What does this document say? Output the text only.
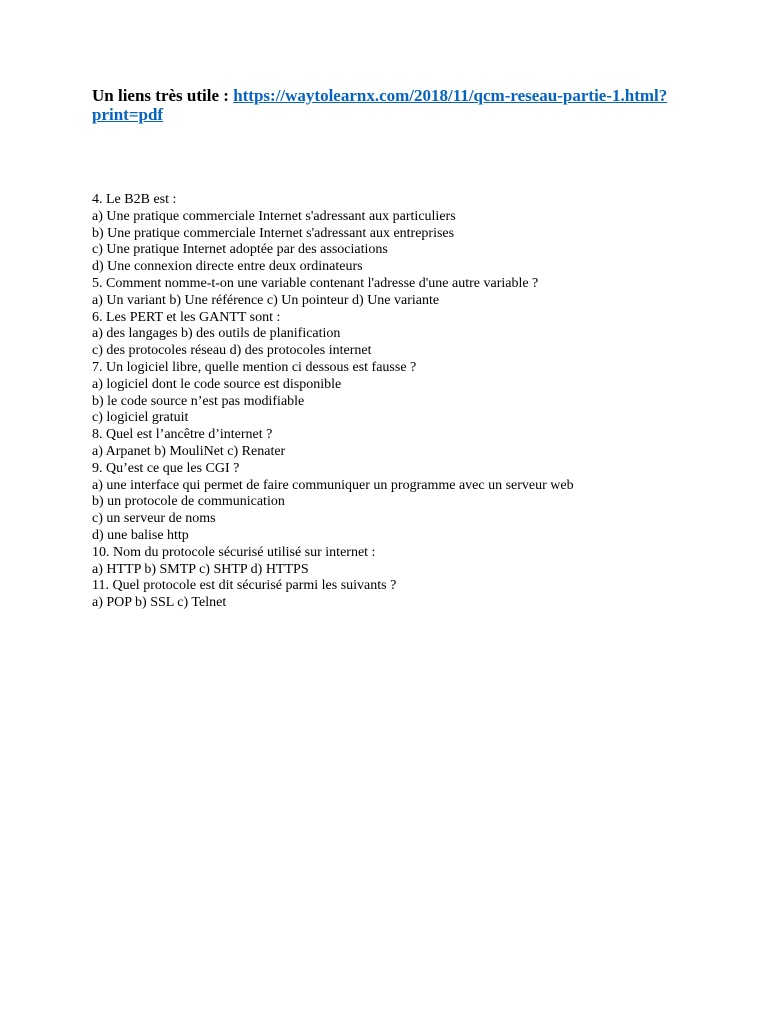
Un liens très utile : https://waytolearnx.com/2018/11/qcm-reseau-partie-1.html?print=pdf

4. Le B2B est :
a) Une pratique commerciale Internet s'adressant aux particuliers
b) Une pratique commerciale Internet s'adressant aux entreprises
c) Une pratique Internet adoptée par des associations
d) Une connexion directe entre deux ordinateurs
5. Comment nomme-t-on une variable contenant l'adresse d'une autre variable ?
a) Un variant b) Une référence c) Un pointeur d) Une variante
6. Les PERT et les GANTT sont :
a) des langages b) des outils de planification
c) des protocoles réseau d) des protocoles internet
7. Un logiciel libre, quelle mention ci dessous est fausse ?
a) logiciel dont le code source est disponible
b) le code source n’est pas modifiable
c) logiciel gratuit
8. Quel est l’ancêtre d’internet ?
a) Arpanet b) MouliNet c) Renater
9. Qu’est ce que les CGI ?
a) une interface qui permet de faire communiquer un programme avec un serveur web
b) un protocole de communication
c) un serveur de noms
d) une balise http
10. Nom du protocole sécurisé utilisé sur internet :
a) HTTP b) SMTP c) SHTP d) HTTPS
11. Quel protocole est dit sécurisé parmi les suivants ?
a) POP b) SSL c) Telnet
